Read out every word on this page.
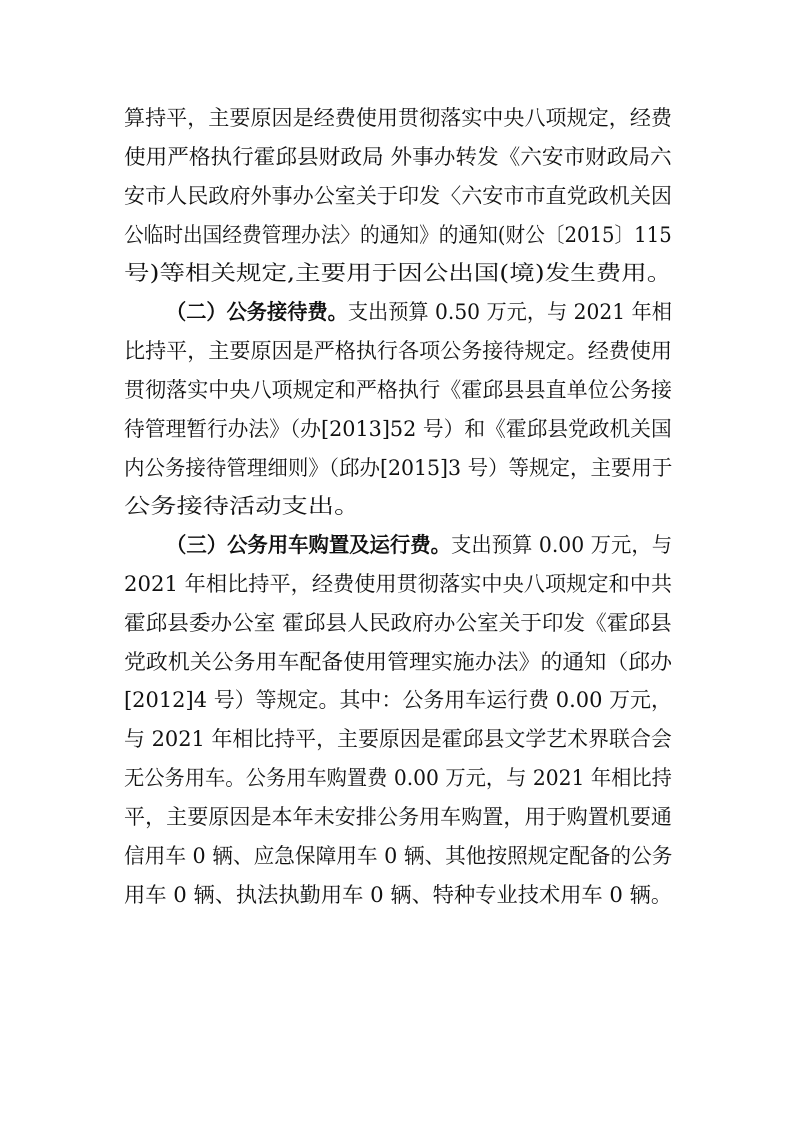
算持平，主要原因是经费使用贯彻落实中央八项规定，经费
使用严格执行霍邱县财政局 外事办转发《六安市财政局六
安市人民政府外事办公室关于印发〈六安市市直党政机关因
公临时出国经费管理办法〉的通知》的通知(财公〔2015〕115
号)等相关规定,主要用于因公出国(境)发生费用。
（二）公务接待费。支出预算 0.50 万元，与 2021 年相
比持平，主要原因是严格执行各项公务接待规定。经费使用
贯彻落实中央八项规定和严格执行《霍邱县县直单位公务接
待管理暂行办法》（办[2013]52 号）和《霍邱县党政机关国
内公务接待管理细则》（邱办[2015]3 号）等规定，主要用于
公务接待活动支出。
（三）公务用车购置及运行费。支出预算 0.00 万元，与
2021 年相比持平，经费使用贯彻落实中央八项规定和中共
霍邱县委办公室 霍邱县人民政府办公室关于印发《霍邱县
党政机关公务用车配备使用管理实施办法》的通知（邱办
[2012]4 号）等规定。其中：公务用车运行费 0.00 万元，
与 2021 年相比持平，主要原因是霍邱县文学艺术界联合会
无公务用车。公务用车购置费 0.00 万元，与 2021 年相比持
平，主要原因是本年未安排公务用车购置，用于购置机要通
信用车 0 辆、应急保障用车 0 辆、其他按照规定配备的公务
用车 0 辆、执法执勤用车 0 辆、特种专业技术用车 0 辆。
